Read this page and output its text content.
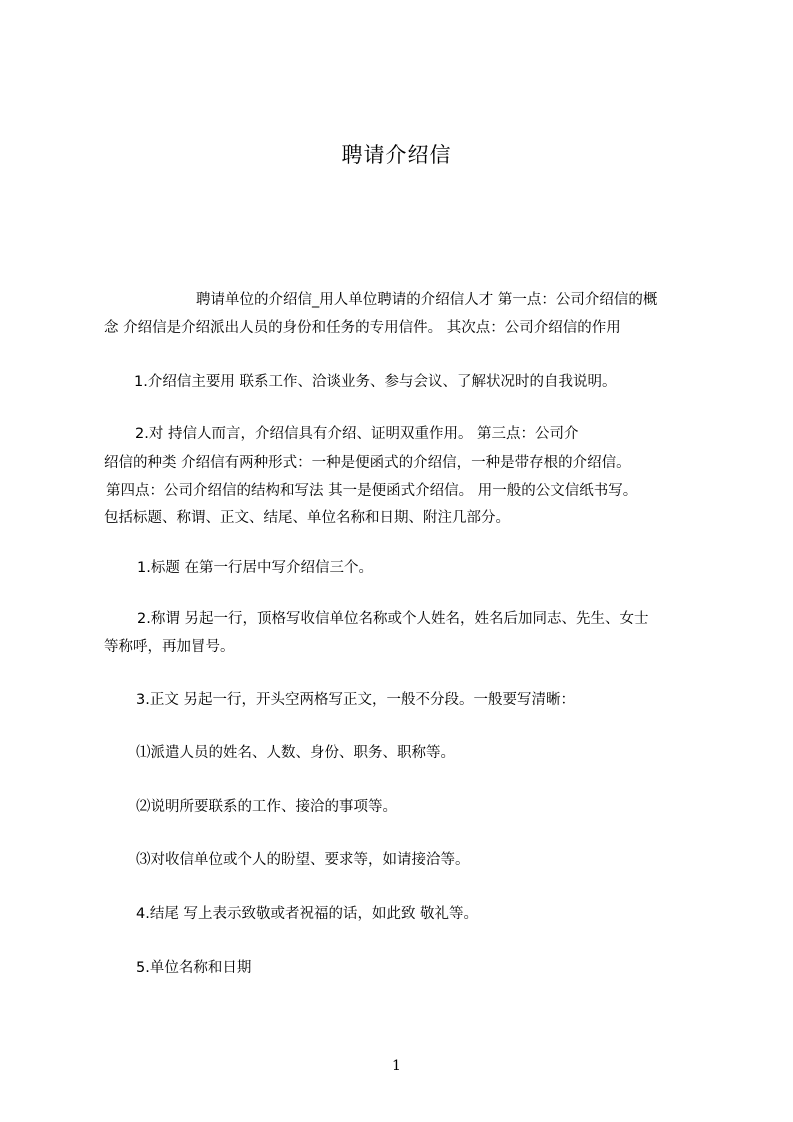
聘请介绍信
聘请单位的介绍信_用人单位聘请的介绍信人才 第一点：公司介绍信的概
念 介绍信是介绍派出人员的身份和任务的专用信件。 其次点：公司介绍信的作用
1.介绍信主要用 联系工作、洽谈业务、参与会议、了解状况时的自我说明。
2.对 持信人而言，介绍信具有介绍、证明双重作用。 第三点：公司介
绍信的种类 介绍信有两种形式：一种是便函式的介绍信，一种是带存根的介绍信。
第四点：公司介绍信的结构和写法 其一是便函式介绍信。 用一般的公文信纸书写。
包括标题、称谓、正文、结尾、单位名称和日期、附注几部分。
1.标题 在第一行居中写介绍信三个。
2.称谓 另起一行，顶格写收信单位名称或个人姓名，姓名后加同志、先生、女士
等称呼，再加冒号。
3.正文 另起一行，开头空两格写正文，一般不分段。一般要写清晰：
⑴派遣人员的姓名、人数、身份、职务、职称等。
⑵说明所要联系的工作、接洽的事项等。
⑶对收信单位或个人的盼望、要求等，如请接洽等。
4.结尾 写上表示致敬或者祝福的话，如此致 敬礼等。
5.单位名称和日期
1
